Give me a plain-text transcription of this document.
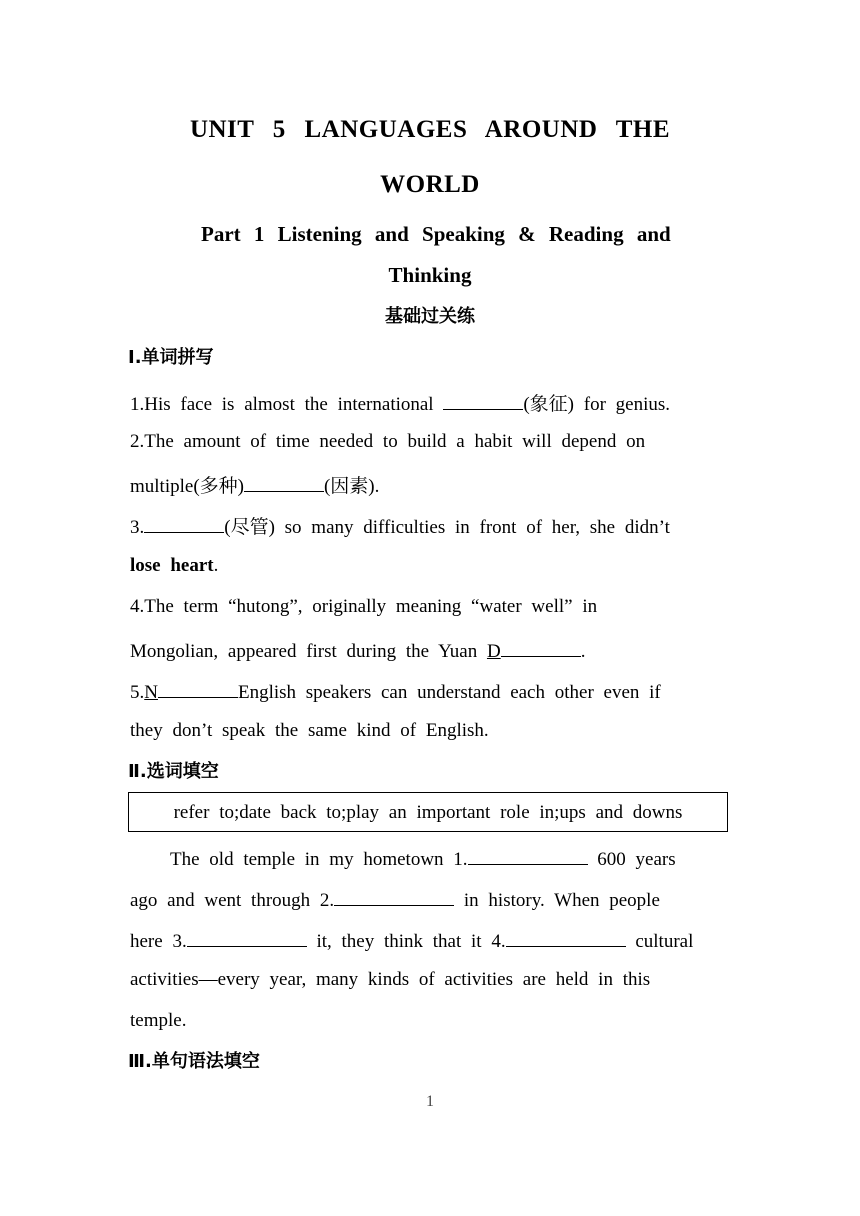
UNIT 5 LANGUAGES AROUND THE
WORLD
Part 1 Listening and Speaking & Reading and
Thinking
基础过关练
Ⅰ.单词拼写
1.His face is almost the international	(象征) for genius.
2.The amount of time needed to build a habit will depend on
multiple(多种)	(因素).
3.	(尽管) so many difficulties in front of her, she didn’t
lose heart.
4.The term “hutong”, originally meaning “water well” in
Mongolian, appeared first during the Yuan D	.
5.N	English speakers can understand each other even if
they don’t speak the same kind of English.
Ⅱ.选词填空
refer to;date back to;play an important role in;ups and downs
The old temple in my hometown 1.	600 years
ago and went through 2.	in history. When people
here 3.	it, they think that it 4.	cultural
activities—every year, many kinds of activities are held in this
temple.
Ⅲ.单句语法填空
1
